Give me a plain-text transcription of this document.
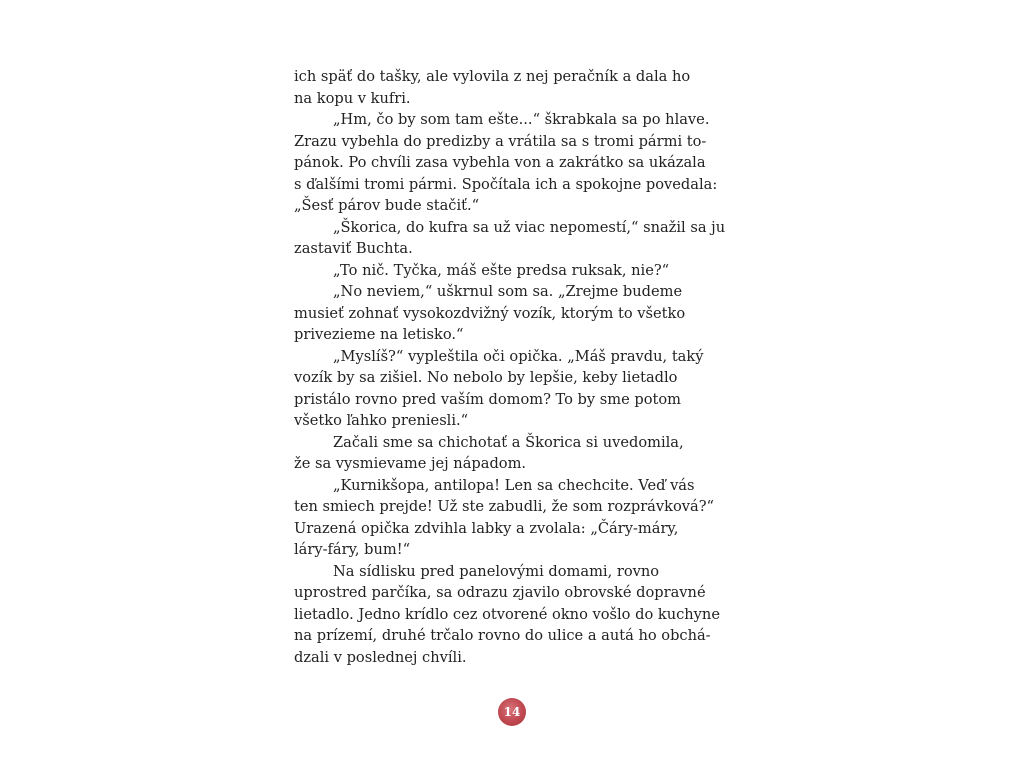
ich späť do tašky, ale vylovila z nej peračník a dala ho
na kopu v kufri.
„Hm, čo by som tam ešte...“ škrabkala sa po hlave.
Zrazu vybehla do predizby a vrátila sa s tromi pármi to-
pánok. Po chvíli zasa vybehla von a zakrátko sa ukázala
s ďalšími tromi pármi. Spočítala ich a spokojne povedala:
„Šesť párov bude stačiť.“
„Škorica, do kufra sa už viac nepomestí,“ snažil sa ju
zastaviť Buchta.
„To nič. Tyčka, máš ešte predsa ruksak, nie?“
„No neviem,“ uškrnul som sa. „Zrejme budeme
musieť zohnať vysokozdvižný vozík, ktorým to všetko
privezieme na letisko.“
„Myslíš?“ vypleštila oči opička. „Máš pravdu, taký
vozík by sa zišiel. No nebolo by lepšie, keby lietadlo
pristálo rovno pred vaším domom? To by sme potom
všetko ľahko preniesli.“
Začali sme sa chichotať a Škorica si uvedomila,
že sa vysmievame jej nápadom.
„Kurnikšopa, antilopa! Len sa chechcite. Veď vás
ten smiech prejde! Už ste zabudli, že som rozprávková?“
Urazená opička zdvihla labky a zvolala: „Čáry-máry,
láry-fáry, bum!“
Na sídlisku pred panelovými domami, rovno
uprostred parčíka, sa odrazu zjavilo obrovské dopravné
lietadlo. Jedno krídlo cez otvorené okno vošlo do kuchyne
na prízemí, druhé trčalo rovno do ulice a autá ho obchá-
dzali v poslednej chvíli.
14
